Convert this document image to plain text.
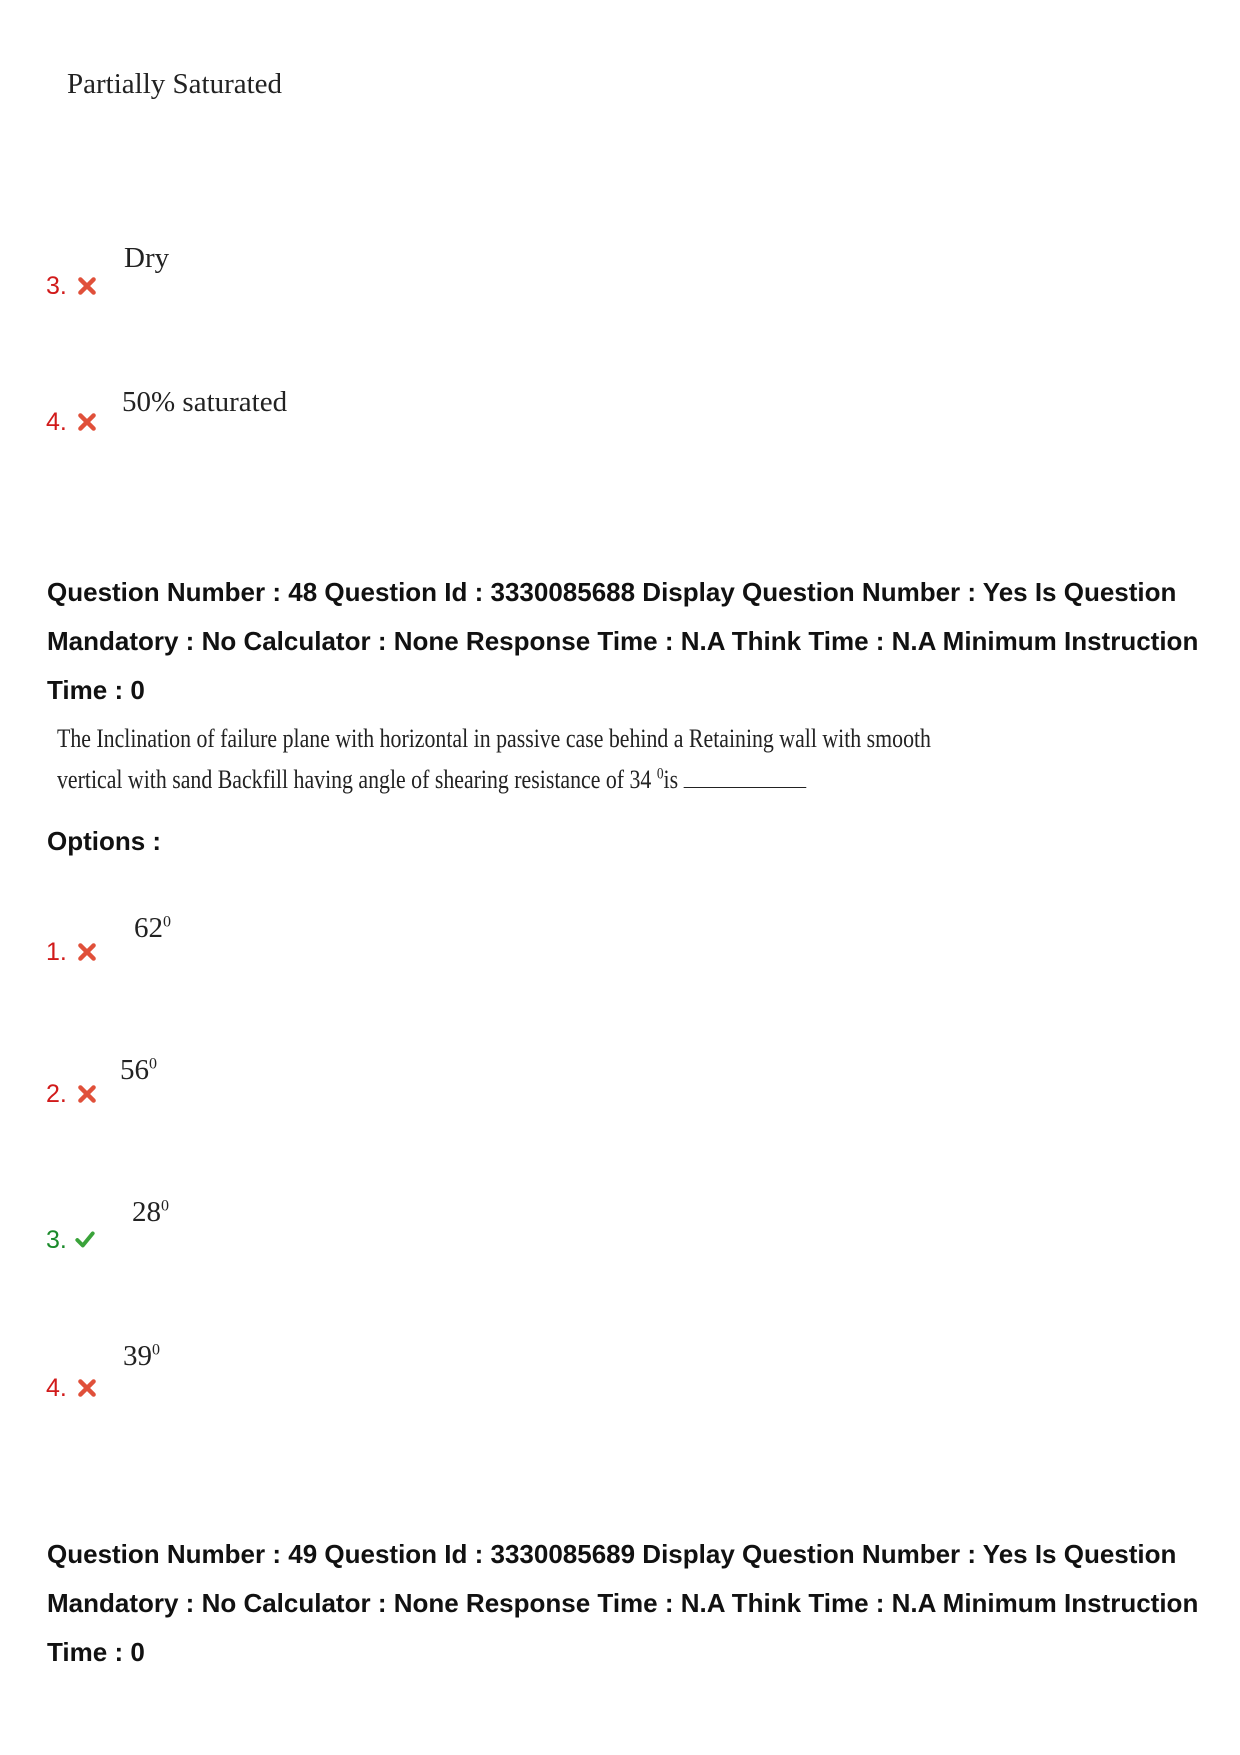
Partially Saturated
3.
Dry
4.
50% saturated
Question Number : 48 Question Id : 3330085688 Display Question Number : Yes Is Question Mandatory : No Calculator : None Response Time : N.A Think Time : N.A Minimum Instruction Time : 0
The Inclination of failure plane with horizontal in passive case behind a Retaining wall with smooth
vertical with sand Backfill having angle of shearing resistance of 34 $^0$is
Options :
1.
$62^0$
2.
$56^0$
3.
$28^0$
4.
$39^0$
Question Number : 49 Question Id : 3330085689 Display Question Number : Yes Is Question Mandatory : No Calculator : None Response Time : N.A Think Time : N.A Minimum Instruction Time : 0
